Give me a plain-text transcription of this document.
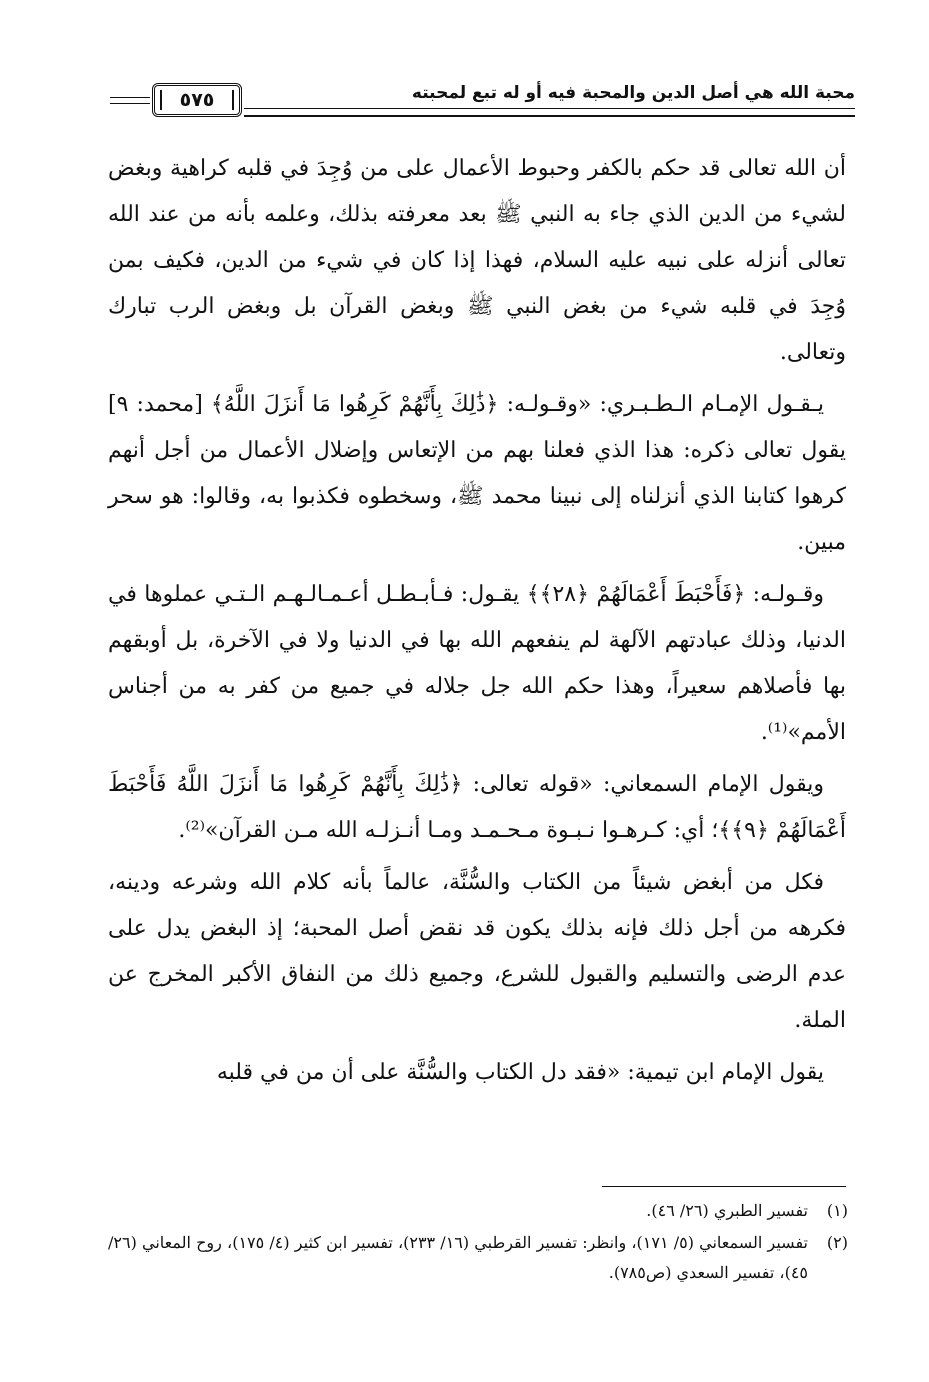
٥٧٥	محبة الله هي أصل الدين والمحبة فيه أو له تبع لمحبته

أن الله تعالى قد حكم بالكفر وحبوط الأعمال على من وُجِدَ في قلبه كراهية وبغض لشيء من الدين الذي جاء به النبي ﷺ بعد معرفته بذلك، وعلمه بأنه من عند الله تعالى أنزله على نبيه عليه السلام، فهذا إذا كان في شيء من الدين، فكيف بمن وُجِدَ في قلبه شيء من بغض النبي ﷺ وبغض القرآن بل وبغض الرب تبارك وتعالى.

يـقـول الإمـام الـطـبـري: «وقـولـه: ﴿ذَٰلِكَ بِأَنَّهُمْ كَرِهُوا مَا أَنزَلَ اللَّهُ﴾ [محمد: ٩] يقول تعالى ذكره: هذا الذي فعلنا بهم من الإتعاس وإضلال الأعمال من أجل أنهم كرهوا كتابنا الذي أنزلناه إلى نبينا محمد ﷺ، وسخطوه فكذبوا به، وقالوا: هو سحر مبين.

وقـولـه: ﴿فَأَحْبَطَ أَعْمَالَهُمْ ﴿٢٨﴾﴾ يقـول: فـأبـطـل أعـمـالـهـم الـتـي عملوها في الدنيا، وذلك عبادتهم الآلهة لم ينفعهم الله بها في الدنيا ولا في الآخرة، بل أوبقهم بها فأصلاهم سعيراً، وهذا حكم الله جل جلاله في جميع من كفر به من أجناس الأمم»⁽¹⁾.

ويقول الإمام السمعاني: «قوله تعالى: ﴿ذَٰلِكَ بِأَنَّهُمْ كَرِهُوا مَا أَنزَلَ اللَّهُ فَأَحْبَطَ أَعْمَالَهُمْ ﴿٩﴾﴾؛ أي: كـرهـوا نـبـوة مـحـمـد ومـا أنـزلـه الله مـن القرآن»⁽²⁾.

فكل من أبغض شيئاً من الكتاب والسُّنَّة، عالماً بأنه كلام الله وشرعه ودينه، فكرهه من أجل ذلك فإنه بذلك يكون قد نقض أصل المحبة؛ إذ البغض يدل على عدم الرضى والتسليم والقبول للشرع، وجميع ذلك من النفاق الأكبر المخرج عن الملة.

يقول الإمام ابن تيمية: «فقد دل الكتاب والسُّنَّة على أن من في قلبه

(١)
تفسير الطبري (٢٦/ ٤٦).
(٢)
تفسير السمعاني (٥/ ١٧١)، وانظر: تفسير القرطبي (١٦/ ٢٣٣)، تفسير ابن كثير (٤/ ١٧٥)، روح المعاني (٢٦/ ٤٥)، تفسير السعدي (ص٧٨٥).
